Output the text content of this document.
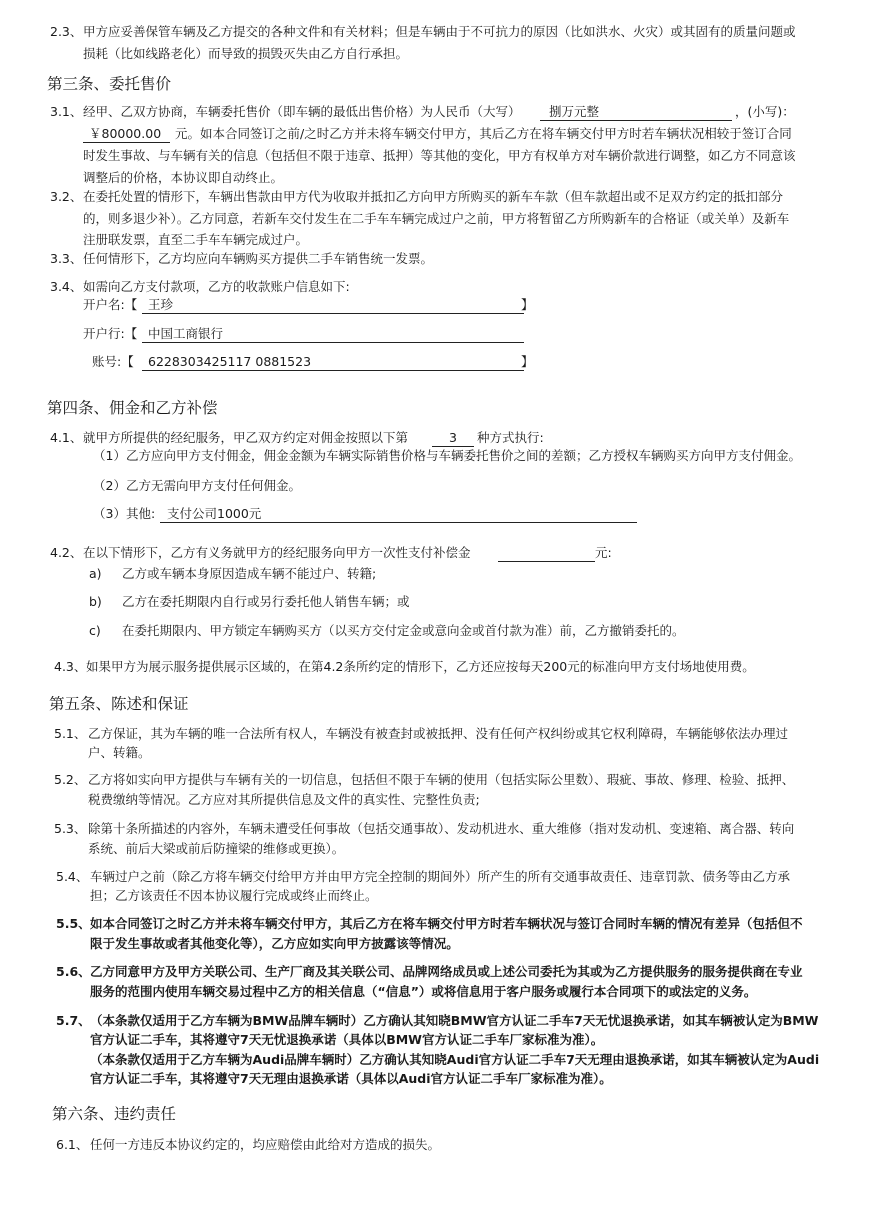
2.3、 甲方应妥善保管车辆及乙方提交的各种文件和有关材料；但是车辆由于不可抗力的原因（比如洪水、火灾）或其固有的质量问题或
损耗（比如线路老化）而导致的损毁灭失由乙方自行承担。
第三条、委托售价
3.1、 经甲、乙双方协商，车辆委托售价（即车辆的最低出售价格）为人民币（大写） 捌万元整	，(小写)：
￥80000.00 元。如本合同签订之前/之时乙方并未将车辆交付甲方，其后乙方在将车辆交付甲方时若车辆状况相较于签订合同
时发生事故、与车辆有关的信息（包括但不限于违章、抵押）等其他的变化，甲方有权单方对车辆价款进行调整，如乙方不同意该
调整后的价格，本协议即自动终止。
3.2、 在委托处置的情形下，车辆出售款由甲方代为收取并抵扣乙方向甲方所购买的新车车款（但车款超出或不足双方约定的抵扣部分
的，则多退少补）。乙方同意，若新车交付发生在二手车车辆完成过户之前，甲方将暂留乙方所购新车的合格证（或关单）及新车
注册联发票，直至二手车车辆完成过户。
3.3、 任何情形下，乙方均应向车辆购买方提供二手车销售统一发票。
3.4、 如需向乙方支付款项，乙方的收款账户信息如下:
开户名:【 王珍	】
开户行:【 中国工商银行
账号:【 6228303425117 0881523	】
第四条、佣金和乙方补偿
4.1、 就甲方所提供的经纪服务，甲乙双方约定对佣金按照以下第	3 种方式执行:
（1）乙方应向甲方支付佣金，佣金金额为车辆实际销售价格与车辆委托售价之间的差额；乙方授权车辆购买方向甲方支付佣金。
（2）乙方无需向甲方支付任何佣金。
（3）其他: 支付公司1000元
4.2、 在以下情形下，乙方有义务就甲方的经纪服务向甲方一次性支付补偿金	元:
a) 乙方或车辆本身原因造成车辆不能过户、转籍;
b) 乙方在委托期限内自行或另行委托他人销售车辆；或
c) 在委托期限内、甲方锁定车辆购买方（以买方交付定金或意向金或首付款为准）前，乙方撤销委托的。
4.3、 如果甲方为展示服务提供展示区域的，在第4.2条所约定的情形下，乙方还应按每天200元的标准向甲方支付场地使用费。
第五条、陈述和保证
5.1、 乙方保证，其为车辆的唯一合法所有权人，车辆没有被查封或被抵押、没有任何产权纠纷或其它权利障碍，车辆能够依法办理过
户、转籍。
5.2、 乙方将如实向甲方提供与车辆有关的一切信息，包括但不限于车辆的使用（包括实际公里数）、瑕疵、事故、修理、检验、抵押、
税费缴纳等情况。乙方应对其所提供信息及文件的真实性、完整性负责;
5.3、 除第十条所描述的内容外，车辆未遭受任何事故（包括交通事故）、发动机进水、重大维修（指对发动机、变速箱、离合器、转向
系统、前后大梁或前后防撞梁的维修或更换）。
5.4、 车辆过户之前（除乙方将车辆交付给甲方并由甲方完全控制的期间外）所产生的所有交通事故责任、违章罚款、债务等由乙方承
担；乙方该责任不因本协议履行完成或终止而终止。
5.5、 如本合同签订之时乙方并未将车辆交付甲方，其后乙方在将车辆交付甲方时若车辆状况与签订合同时车辆的情况有差异（包括但不
限于发生事故或者其他变化等），乙方应如实向甲方披露该等情况。
5.6、 乙方同意甲方及甲方关联公司、生产厂商及其关联公司、品牌网络成员或上述公司委托为其或为乙方提供服务的服务提供商在专业
服务的范围内使用车辆交易过程中乙方的相关信息（“信息”）或将信息用于客户服务或履行本合同项下的或法定的义务。
5.7、 （本条款仅适用于乙方车辆为BMW品牌车辆时）乙方确认其知晓BMW官方认证二手车7天无忧退换承诺，如其车辆被认定为BMW
官方认证二手车，其将遵守7天无忧退换承诺（具体以BMW官方认证二手车厂家标准为准）。
（本条款仅适用于乙方车辆为Audi品牌车辆时）乙方确认其知晓Audi官方认证二手车7天无理由退换承诺，如其车辆被认定为Audi
官方认证二手车，其将遵守7天无理由退换承诺（具体以Audi官方认证二手车厂家标准为准）。
第六条、违约责任
6.1、 任何一方违反本协议约定的，均应赔偿由此给对方造成的损失。
